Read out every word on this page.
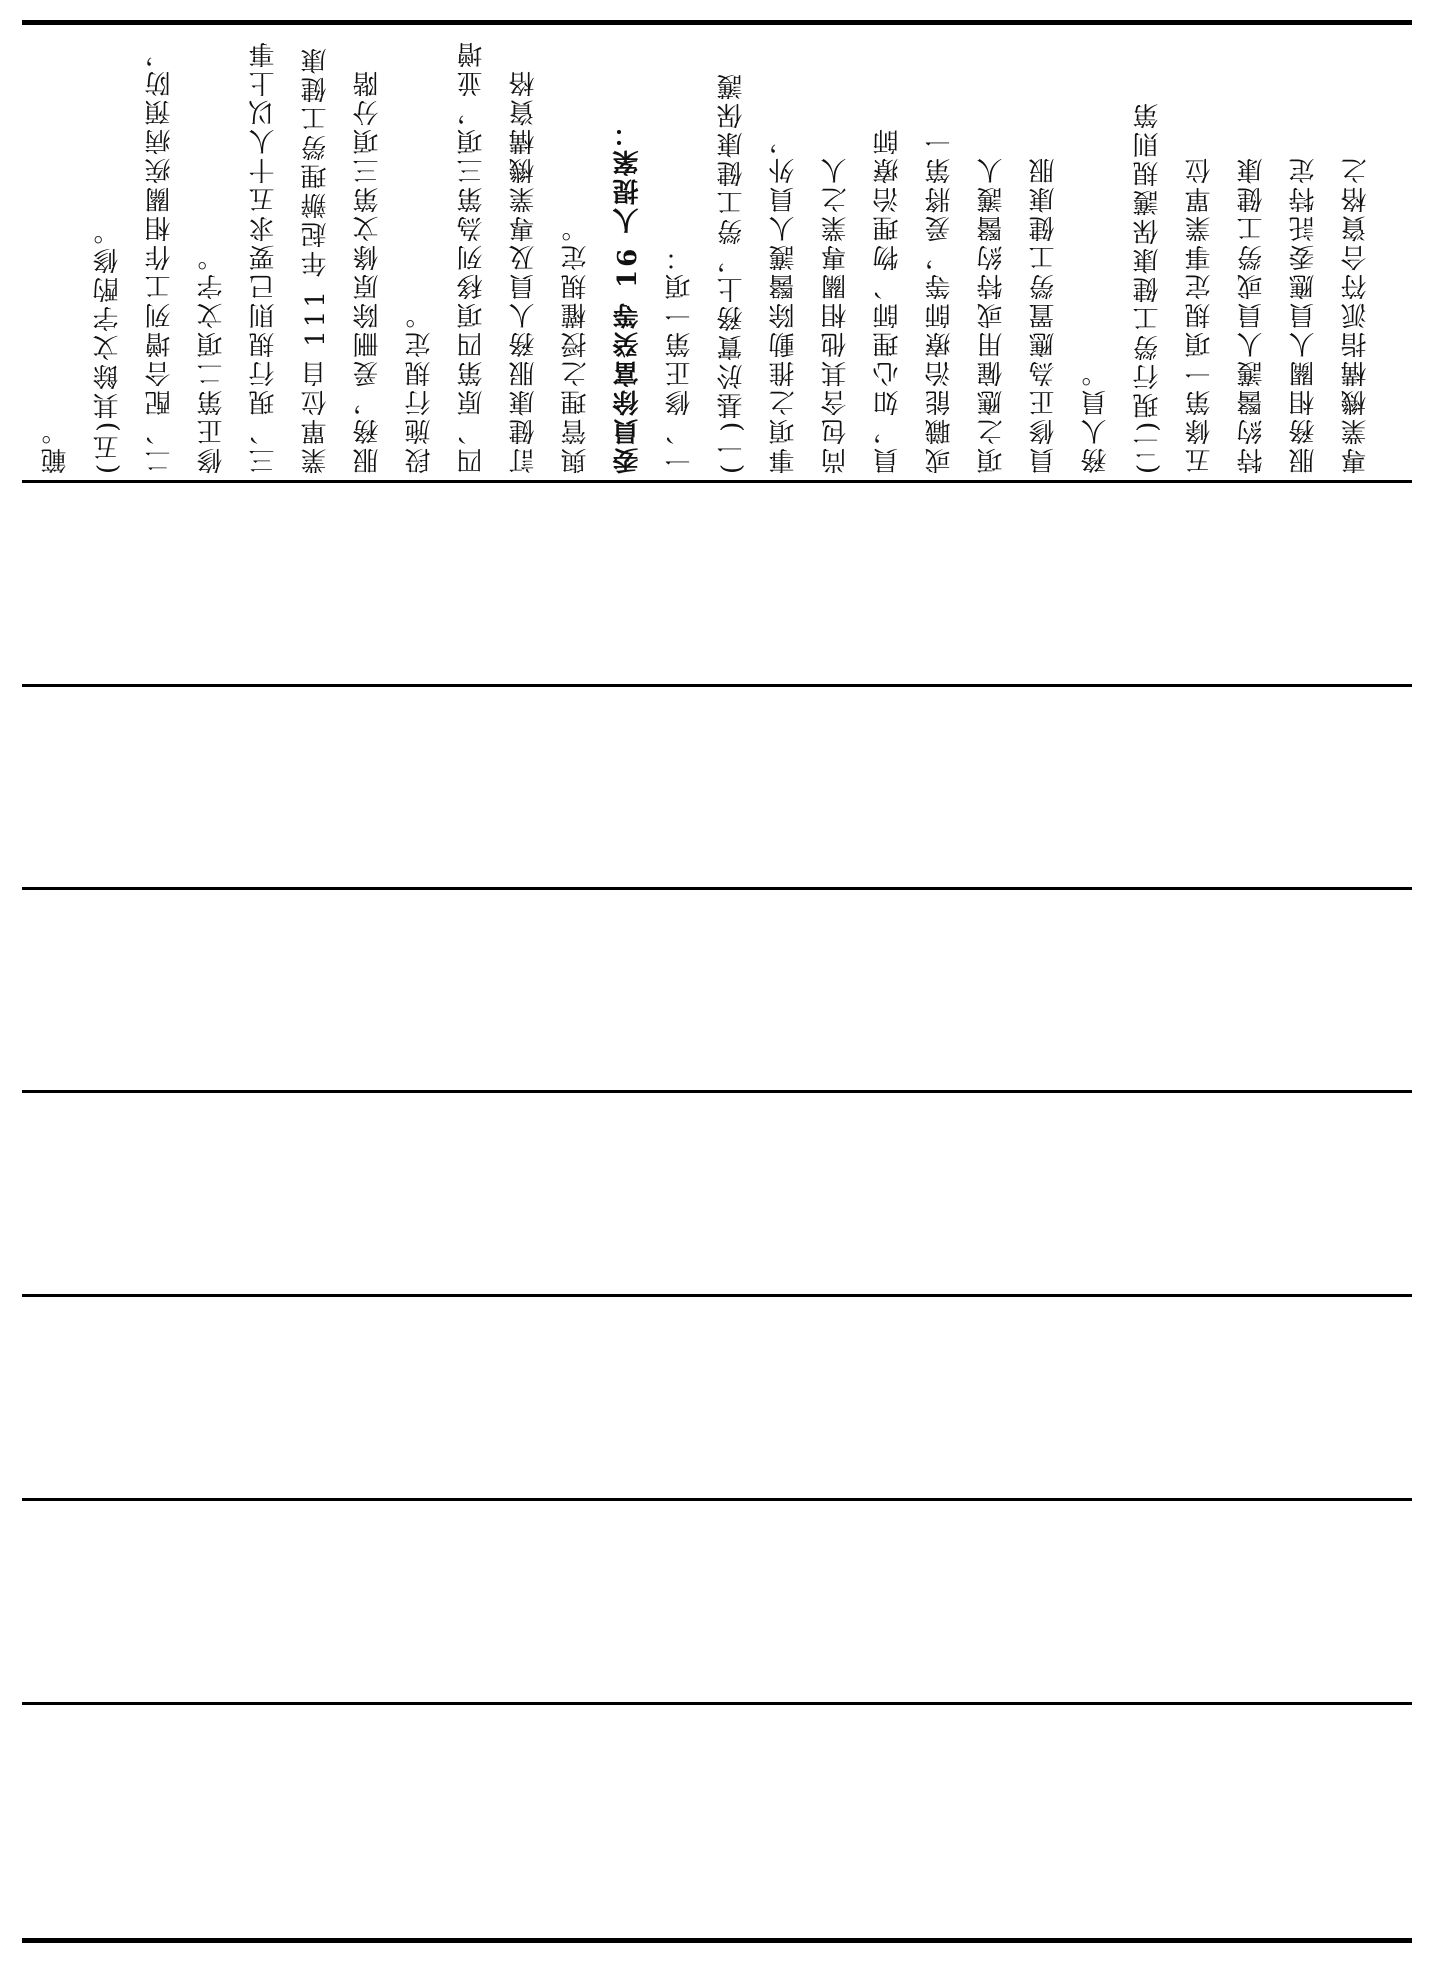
範。 (五)其餘文字酌修。 二、配合增列工作相關疾病預防， 修正第二項文字。 三、現行規則已要求五十人以上事 業單位自 111 年起辦理勞工健康 服務，爰刪除原條文第三項分階 段施行規定。 四、原第四項移列為第三項，並增 訂健康服務人員及專業機構資格 與管理之授權規定。 委員徐富癸等 16 人提案： 一、修正第一項： (一)基於實務上，勞工健康保護 事項之推動除醫護人員外， 尚包含其他相關專業之人 員，如心理師、物理治療師 或職能治療師等，爰將第一 項之應僱用或特約醫護人 員修正為應置勞工健康服 務人員。 (二)現行勞工健康保護規則第 五條第一項規定事業單位 特約醫護人員或勞工健康 服務相關人員應委託特定 專業機構指派符合資格之
